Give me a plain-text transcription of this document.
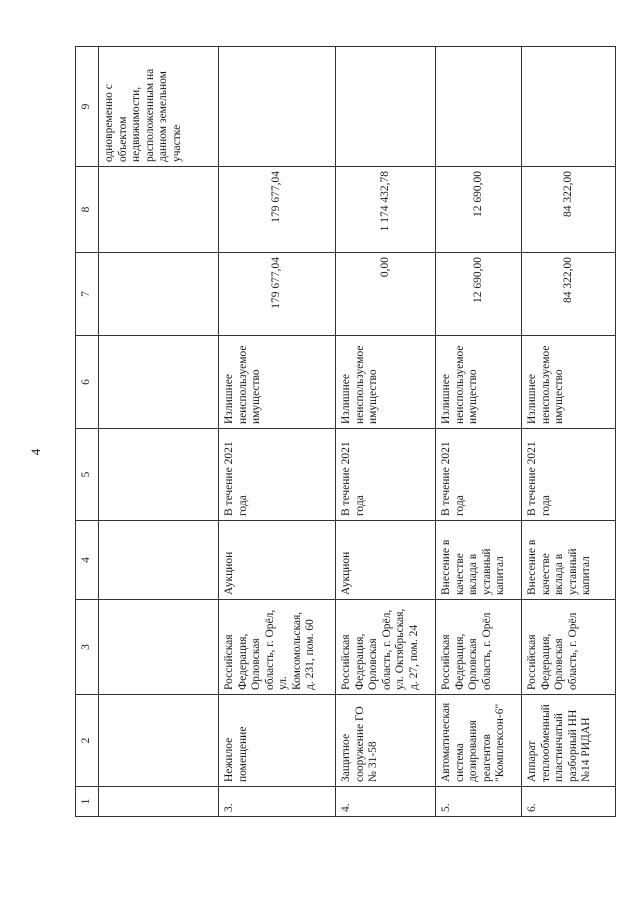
4
1	2	3	4	5	6	7	8	9
								одновременно с объектом недвижимости, расположенным на данном земельном участке
3.	Нежилое помещение	Российская Федерация, Орловская область, г. Орёл, ул. Комсомольская, д. 231, пом. 60	Аукцион	В течение 2021 года	Излишнее неиспользуемое имущество	179 677,04	179 677,04	
4.	Защитное сооружение ГО № 31-58	Российская Федерация, Орловская область, г. Орёл, ул. Октябрьская, д. 27, пом. 24	Аукцион	В течение 2021 года	Излишнее неиспользуемое имущество	0,00	1 174 432,78	
5.	Автоматическая система дозирования реагентов "Комплексон-6"	Российская Федерация, Орловская область, г. Орёл	Внесение в качестве вклада в уставный капитал	В течение 2021 года	Излишнее неиспользуемое имущество	12 690,00	12 690,00	
6.	Аппарат теплообменный пластинчатый разборный НН №14 РИДАН	Российская Федерация, Орловская область, г. Орёл	Внесение в качестве вклада в уставный капитал	В течение 2021 года	Излишнее неиспользуемое имущество	84 322,00	84 322,00	
